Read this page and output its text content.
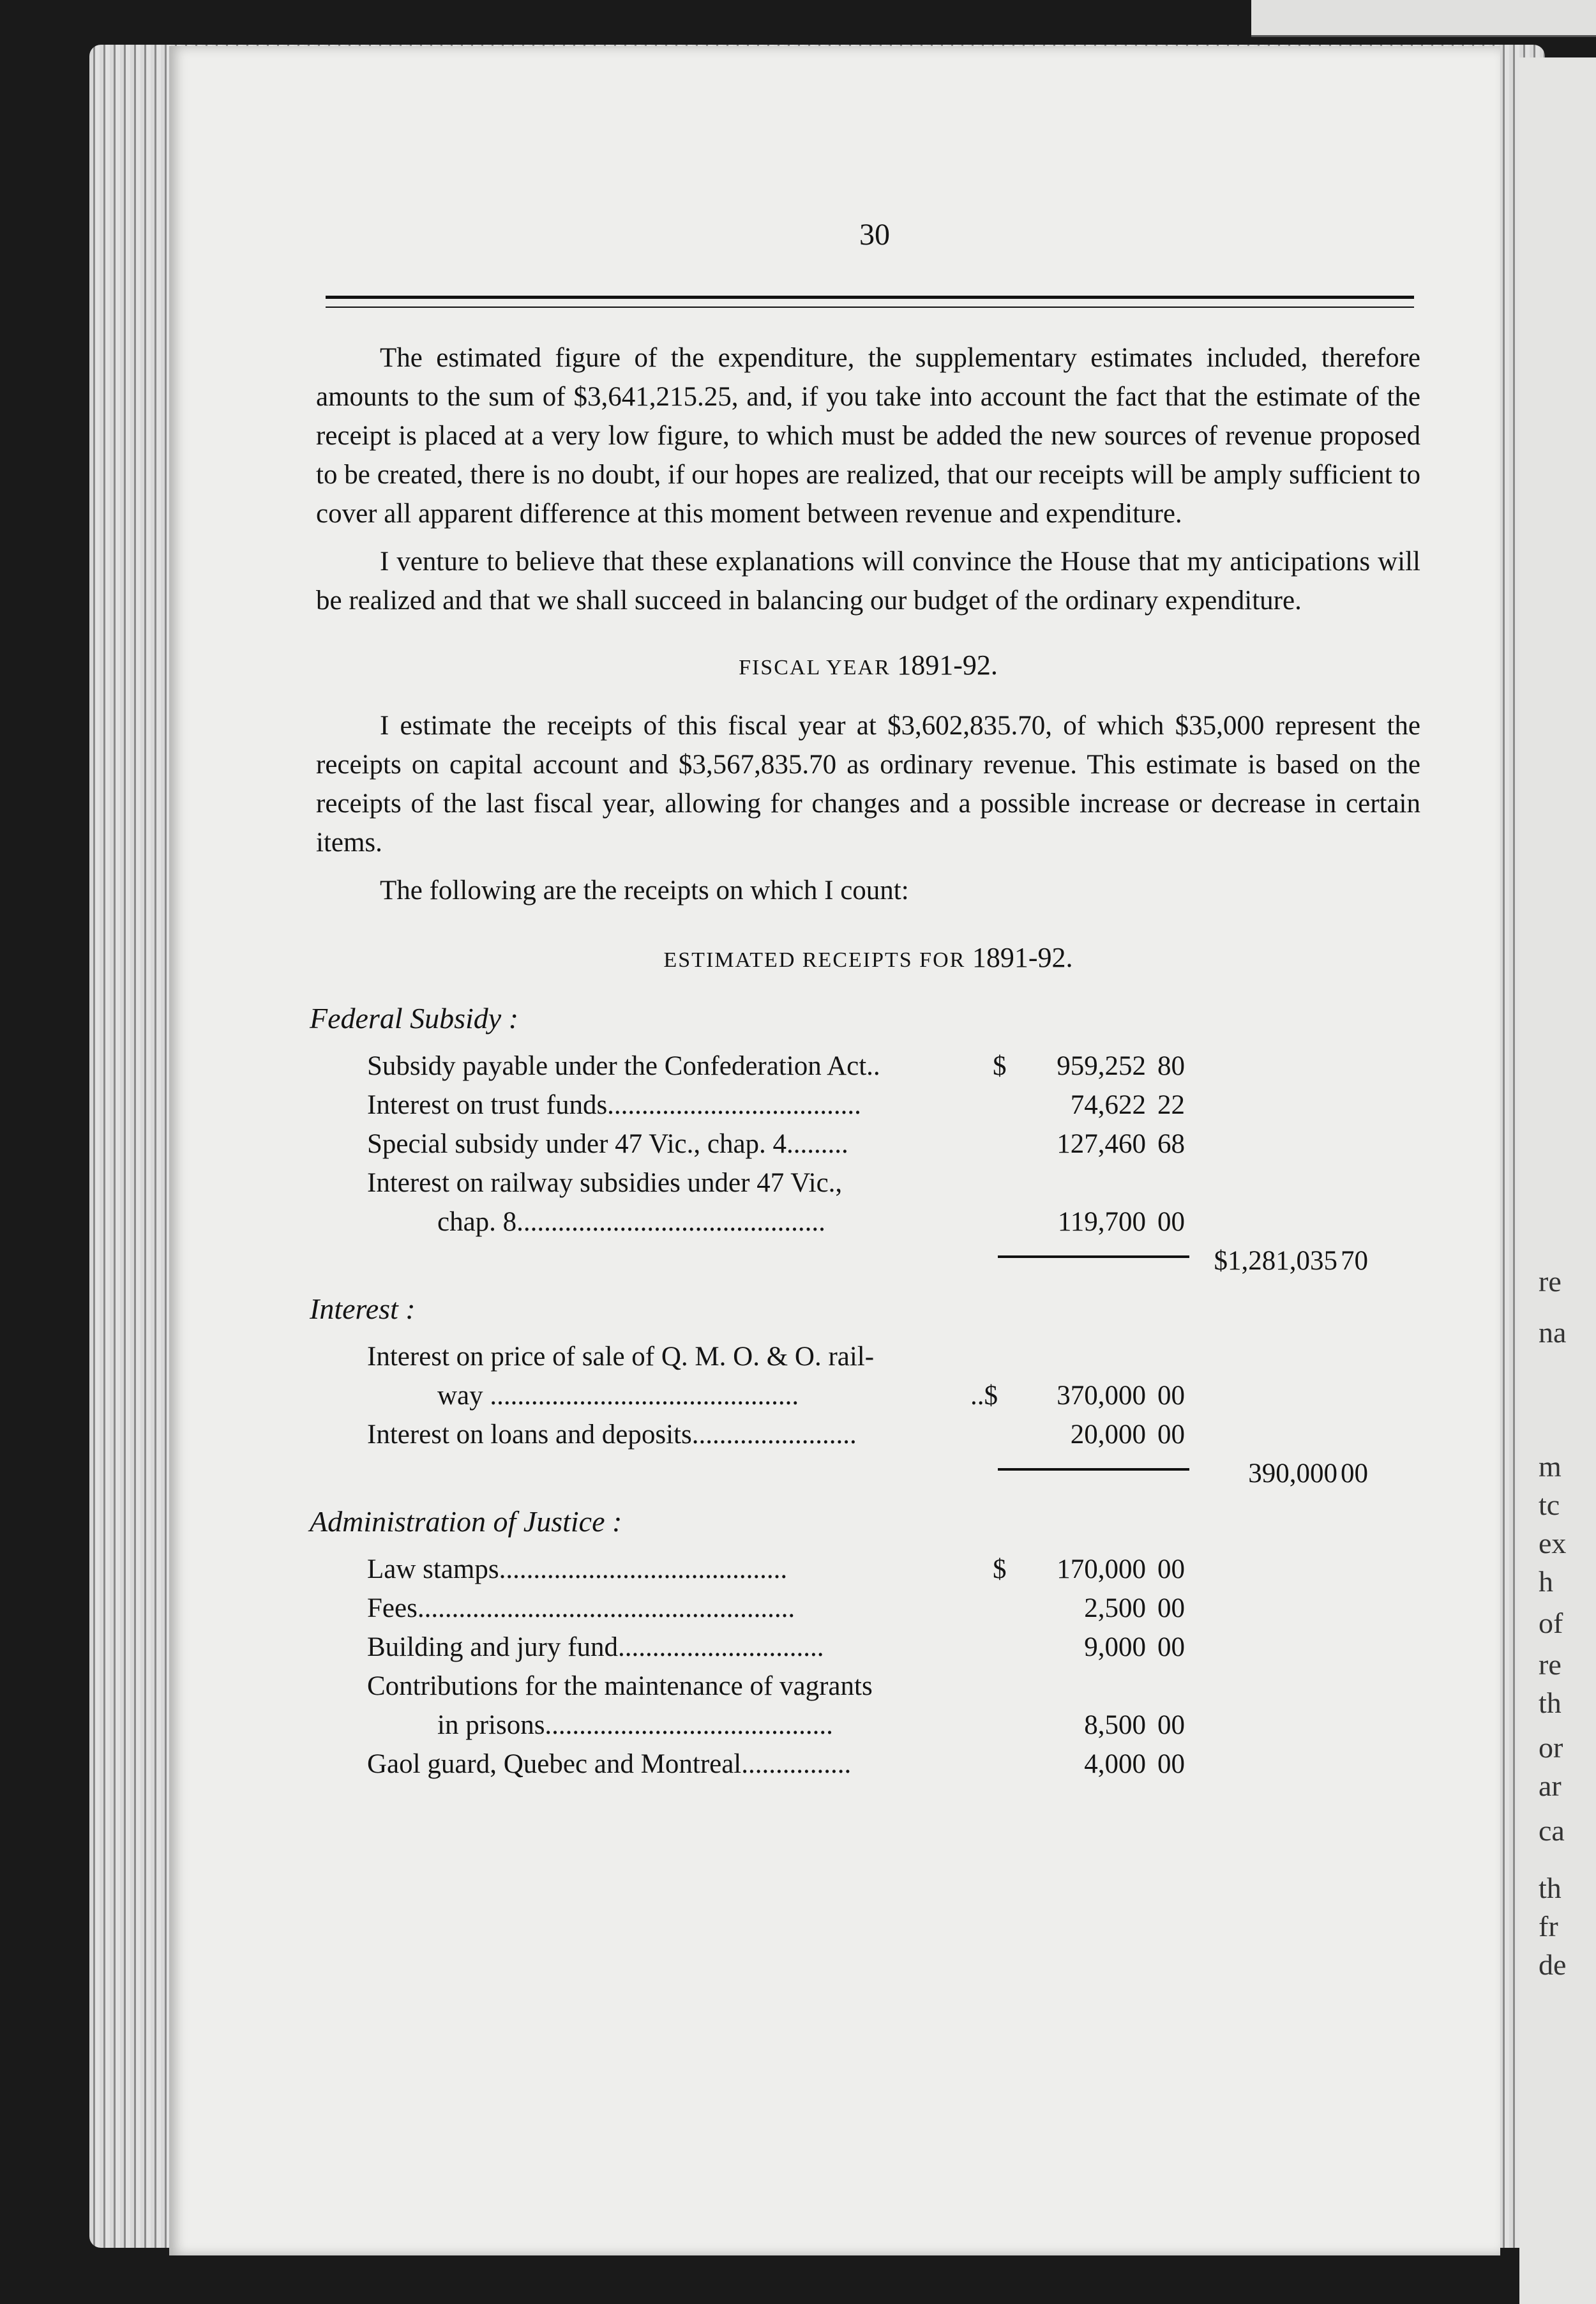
re
na
m
tc
ex
h
of
re
th
or
ar
ca
th
fr
de
30

The estimated figure of the expenditure, the supplementary estimates included, therefore amounts to the sum of $3,641,215.25, and, if you take into account the fact that the estimate of the receipt is placed at a very low figure, to which must be added the new sources of revenue proposed to be created, there is no doubt, if our hopes are realized, that our receipts will be amply sufficient to cover all apparent difference at this moment between revenue and expenditure.

I venture to believe that these explanations will convince the House that my anticipations will be realized and that we shall succeed in balancing our budget of the ordinary expenditure.

FISCAL YEAR 1891-92.

I estimate the receipts of this fiscal year at $3,602,835.70, of which $35,000 represent the receipts on capital account and $3,567,835.70 as ordinary revenue. This estimate is based on the receipts of the last fiscal year, allowing for changes and a possible increase or decrease in certain items.

The following are the receipts on which I count:

ESTIMATED RECEIPTS FOR 1891-92.
Federal Subsidy :
Subsidy payable under the Confederation Act..	$ 959,252 80
Interest on trust funds.....................................	74,622 22
Special subsidy under 47 Vic., chap. 4.........	127,460 68
Interest on railway subsidies under 47 Vic.,
chap. 8.............................................	119,700 00
$1,281,035 70
Interest :
Interest on price of sale of Q. M. O. & O. rail-
way .............................................	..$ 370,000 00
Interest on loans and deposits........................	20,000 00
390,000 00
Administration of Justice :
Law stamps..........................................	$ 170,000 00
Fees.......................................................	2,500 00
Building and jury fund..............................	9,000 00
Contributions for the maintenance of vagrants
in prisons..........................................	8,500 00
Gaol guard, Quebec and Montreal................	4,000 00
